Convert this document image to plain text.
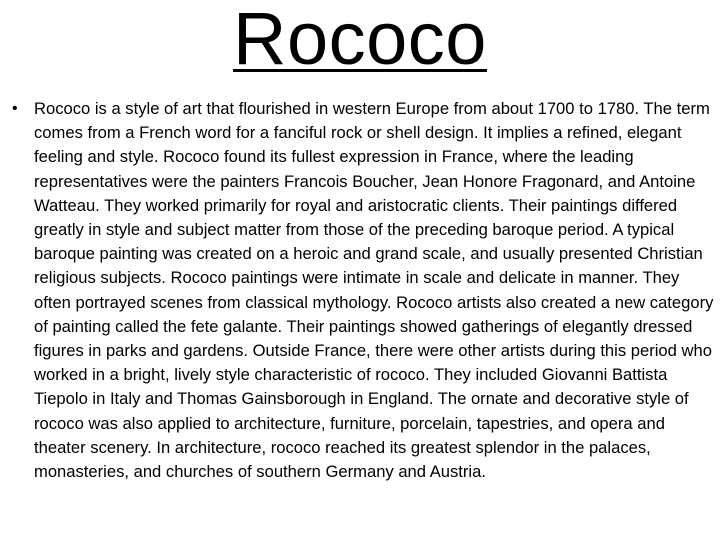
Rococo
• Rococo is a style of art that flourished in western Europe from about 1700 to 1780. The term comes from a French word for a fanciful rock or shell design. It implies a refined, elegant feeling and style. Rococo found its fullest expression in France, where the leading representatives were the painters Francois Boucher, Jean Honore Fragonard, and Antoine Watteau. They worked primarily for royal and aristocratic clients. Their paintings differed greatly in style and subject matter from those of the preceding baroque period. A typical baroque painting was created on a heroic and grand scale, and usually presented Christian religious subjects. Rococo paintings were intimate in scale and delicate in manner. They often portrayed scenes from classical mythology. Rococo artists also created a new category of painting called the fete galante. Their paintings showed gatherings of elegantly dressed figures in parks and gardens. Outside France, there were other artists during this period who worked in a bright, lively style characteristic of rococo. They included Giovanni Battista Tiepolo in Italy and Thomas Gainsborough in England. The ornate and decorative style of rococo was also applied to architecture, furniture, porcelain, tapestries, and opera and theater scenery. In architecture, rococo reached its greatest splendor in the palaces, monasteries, and churches of southern Germany and Austria.
